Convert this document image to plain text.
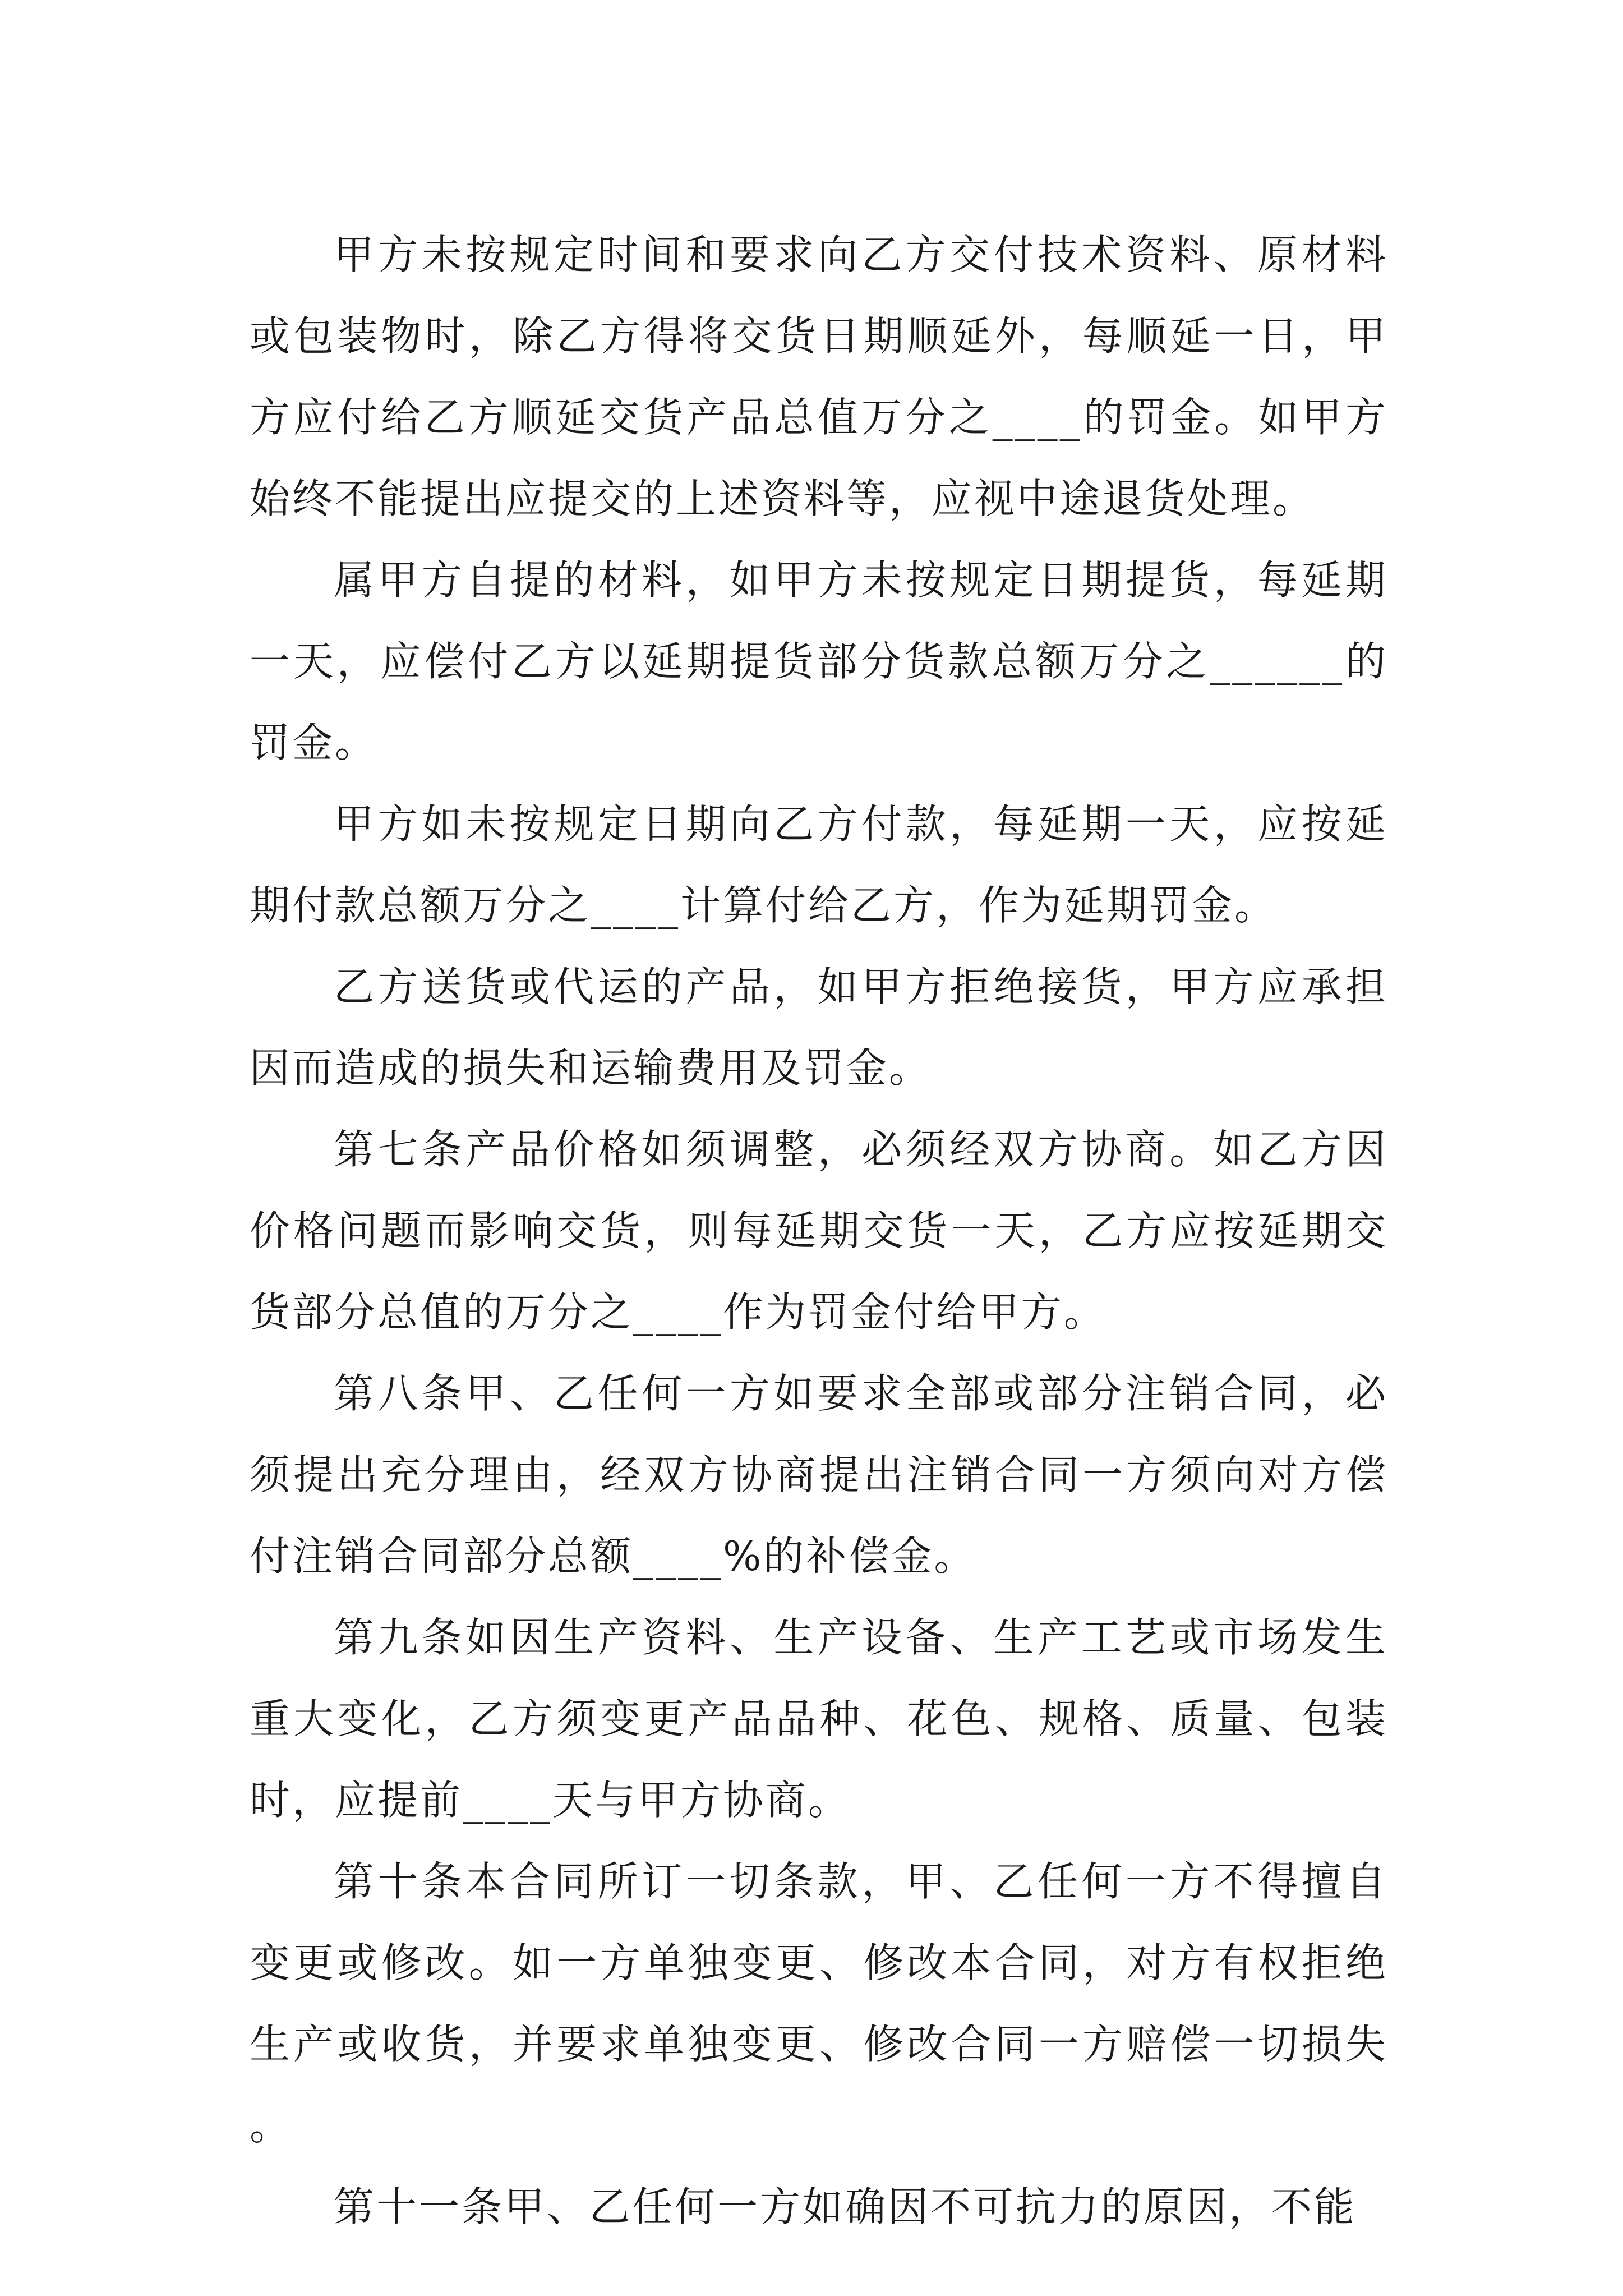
甲方未按规定时间和要求向乙方交付技术资料、原材料或包装物时，除乙方得将交货日期顺延外，每顺延一日，甲方应付给乙方顺延交货产品总值万分之____的罚金。如甲方始终不能提出应提交的上述资料等，应视中途退货处理。

属甲方自提的材料，如甲方未按规定日期提货，每延期一天，应偿付乙方以延期提货部分货款总额万分之______的罚金。

甲方如未按规定日期向乙方付款，每延期一天，应按延期付款总额万分之____计算付给乙方，作为延期罚金。

乙方送货或代运的产品，如甲方拒绝接货，甲方应承担因而造成的损失和运输费用及罚金。

第七条产品价格如须调整，必须经双方协商。如乙方因价格问题而影响交货，则每延期交货一天，乙方应按延期交货部分总值的万分之____作为罚金付给甲方。

第八条甲、乙任何一方如要求全部或部分注销合同，必须提出充分理由，经双方协商提出注销合同一方须向对方偿付注销合同部分总额____%的补偿金。

第九条如因生产资料、生产设备、生产工艺或市场发生重大变化，乙方须变更产品品种、花色、规格、质量、包装时，应提前____天与甲方协商。

第十条本合同所订一切条款，甲、乙任何一方不得擅自变更或修改。如一方单独变更、修改本合同，对方有权拒绝生产或收货，并要求单独变更、修改合同一方赔偿一切损失。

第十一条甲、乙任何一方如确因不可抗力的原因，不能
